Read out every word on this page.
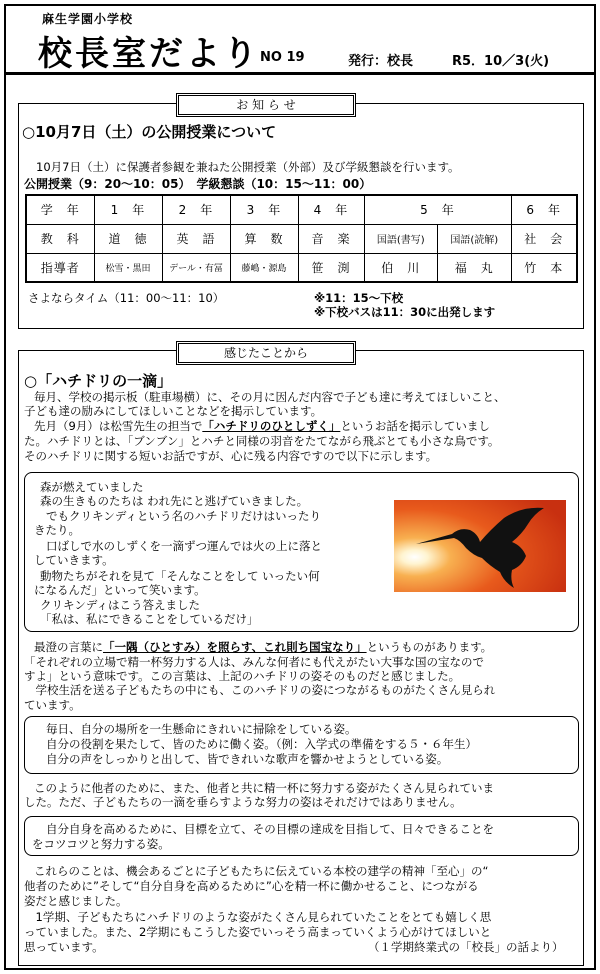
麻生学園小学校
校長室だより NO 19	発行：校長	R5．10／3(火)
お 知 ら せ
○10月7日（土）の公開授業について
10月7日（土）に保護者参観を兼ねた公開授業（外部）及び学級懇談を行います。
公開授業（9：20～10：05）　学級懇談（10：15～11：00）
学　年	1　年	2　年	3　年	4　年	5　年		6　年
教　科	道　徳	英　語	算　数	音　楽	国語(書写)	国語(読解)	社　会
指導者	松雪・黒田	デール・有冨	藤嶋・源島	笹　渕	伯　川	福　丸	竹　本
さよならタイム（11：00～11：10）	※11：15～下校
※下校バスは11：30に出発します
感じたことから
○「ハチドリの一滴」
毎月、学校の掲示板（駐車場横）に、その月に因んだ内容で子ども達に考えてほしいこと、
子ども達の励みにしてほしいことなどを掲示しています。
先月（9月）は松雪先生の担当で「ハチドリのひとしずく」というお話を掲示していまし
た。ハチドリとは、「ブンブン」とハチと同様の羽音をたてながら飛ぶとても小さな鳥です。
そのハチドリに関する短いお話ですが、心に残る内容ですので以下に示します。
森が燃えていました
森の生きものたちは われ先にと逃げていきました。
でもクリキンディという名のハチドリだけはいったり
きたり。
口ばしで水のしずくを一滴ずつ運んでは火の上に落と
していきます。
動物たちがそれを見て「そんなことをして いったい何
になるんだ」といって笑います。
クリキンディはこう答えました
「私は、私にできることをしているだけ」
最澄の言葉に「一隅（ひとすみ）を照らす、これ則ち国宝なり」というものがあります。
「それぞれの立場で精一杯努力する人は、みんな何者にも代えがたい大事な国の宝なので
すよ」という意味です。この言葉は、上記のハチドリの姿そのものだと感じました。
　学校生活を送る子どもたちの中にも、このハチドリの姿につながるものがたくさん見られ
ています。
毎日、自分の場所を一生懸命にきれいに掃除をしている姿。
自分の役割を果たして、皆のために働く姿。（例：入学式の準備をする５・６年生）
自分の声をしっかりと出して、皆できれいな歌声を響かせようとしている姿。
このように他者のために、また、他者と共に精一杯に努力する姿がたくさん見られていま
した。ただ、子どもたちの一滴を垂らすような努力の姿はそれだけではありません。
自分自身を高めるために、目標を立て、その目標の達成を目指して、日々できることを
をコツコツと努力する姿。
これらのことは、機会あるごとに子どもたちに伝えている本校の建学の精神「至心」の“
他者のために”そして“自分自身を高めるために”心を精一杯に働かせること、につながる
姿だと感じました。
　1学期、子どもたちにハチドリのような姿がたくさん見られていたことをとても嬉しく思
っていました。また、2学期にもこうした姿でいっそう高まっていくよう心がけてほしいと
思っています。	（１学期終業式の「校長」の話より）
